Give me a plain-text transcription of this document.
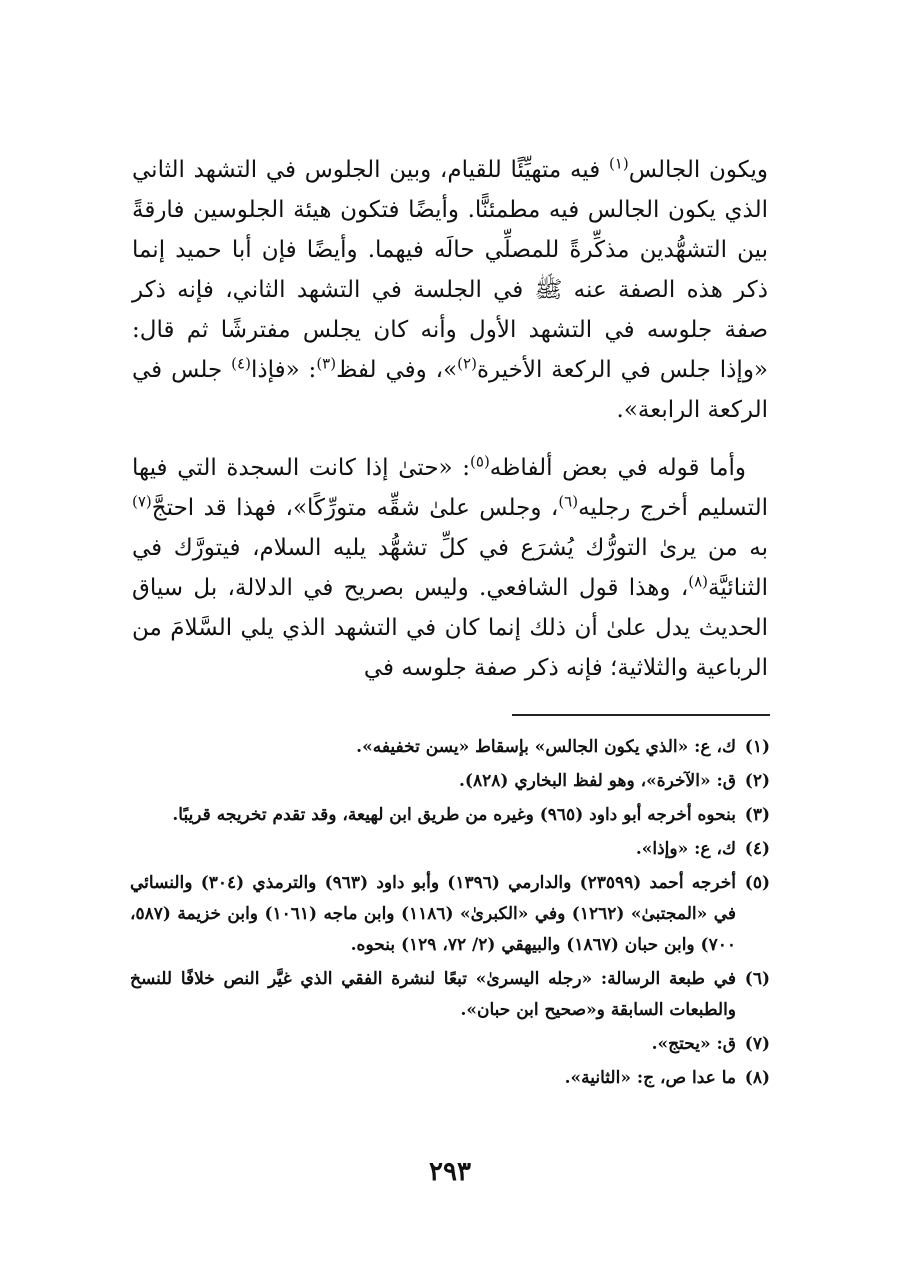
ويكون الجالس$^{(١)}$ فيه متهيِّئًا للقيام، وبين الجلوس في التشهد الثاني الذي يكون الجالس فيه مطمئنًّا. وأيضًا فتكون هيئة الجلوسين فارقةً بين التشهُّدين مذكِّرةً للمصلِّي حالَه فيهما. وأيضًا فإن أبا حميد إنما ذكر هذه الصفة عنه ﷺ في الجلسة في التشهد الثاني، فإنه ذكر صفة جلوسه في التشهد الأول وأنه كان يجلس مفترشًا ثم قال: «وإذا جلس في الركعة الأخيرة$^{(٢)}$»، وفي لفظ$^{(٣)}$: «فإذا$^{(٤)}$ جلس في الركعة الرابعة».

وأما قوله في بعض ألفاظه$^{(٥)}$: «حتىٰ إذا كانت السجدة التي فيها التسليم أخرج رجليه$^{(٦)}$، وجلس علىٰ شقِّه متورِّكًا»، فهذا قد احتجَّ$^{(٧)}$ به من يرىٰ التورُّك يُشرَع في كلِّ تشهُّد يليه السلام، فيتورَّك في الثنائيَّة$^{(٨)}$، وهذا قول الشافعي. وليس بصريح في الدلالة، بل سياق الحديث يدل علىٰ أن ذلك إنما كان في التشهد الذي يلي السَّلامَ من الرباعية والثلاثية؛ فإنه ذكر صفة جلوسه في

(١)
ك، ع: «الذي يكون الجالس» بإسقاط «يسن تخفيفه».
(٢)
ق: «الآخرة»، وهو لفظ البخاري (٨٢٨).
(٣)
بنحوه أخرجه أبو داود (٩٦٥) وغيره من طريق ابن لهيعة، وقد تقدم تخريجه قريبًا.
(٤)
ك، ع: «وإذا».
(٥)
أخرجه أحمد (٢٣٥٩٩) والدارمي (١٣٩٦) وأبو داود (٩٦٣) والترمذي (٣٠٤) والنسائي في «المجتبىٰ» (١٢٦٢) وفي «الكبرىٰ» (١١٨٦) وابن ماجه (١٠٦١) وابن خزيمة (٥٨٧، ٧٠٠) وابن حبان (١٨٦٧) والبيهقي (٢/ ٧٢، ١٢٩) بنحوه.
(٦)
في طبعة الرسالة: «رجله اليسرىٰ» تبعًا لنشرة الفقي الذي غيَّر النص خلافًا للنسخ والطبعات السابقة و«صحيح ابن حبان».
(٧)
ق: «يحتج».
(٨)
ما عدا ص، ج: «الثانية».
٢٩٣
